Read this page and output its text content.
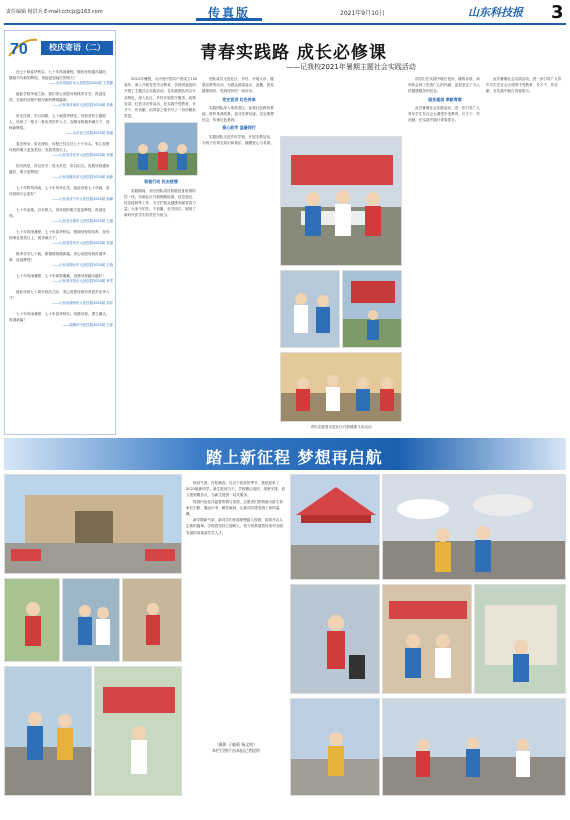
责任编辑 杨洪兵 E-mail:cctcjz@163.com	传真版	2021年9月10日	山东科技报 3
70	校庆寄语（二）
在七十载春华秋实，七十年风雨兼程。敬祝母校越办越好，继续书写新的辉煌，再创更加灿烂的明天！
——山东省临沂市人民医院2020届 王思静
值此学校华诞之际，我们衷心祝愿母校桃李芬芳，再创佳绩，在新的征程中续写新的辉煌篇章。
——山东省济南市人民医院2020届 朱敏
时光荏苒，岁月如歌，七十载春华秋实，母校坚持立德树人，培养了一批又一批优秀医护人才。祝愿母校桃李满天下，再铸新辉煌。
——山东省立医院2020届 邢丽
春去秋来，时光流转，母校已经走过七十个年头。衷心祝愿母校的明天更加美好，发展蒸蒸日上。
——山东省枣庄市人民医院2020届 李丽
因为热爱，所以坚守；因为责任，所以担当。祝愿母校越来越好，明天更辉煌！
——山东省潍坊市人民医院2020届 孙静
七十年栉风沐雨，七十年风华正茂。值此母校七十华诞，祝母校明天会更好！
——山东省济宁市人民医院2020届 张峰
七十年沧桑，百年树人。祝母校的明天更加辉煌，再创佳绩。
——山东省日照市人民医院2020届 王丽
七十年风雨兼程，七十年春华秋实，感谢母校的培养，祝母校事业蒸蒸日上，桃李满天下。
——山东省泰安市人民医院2020届 吴丽
桃李芬芳七十载，厚德载物谱新篇。衷心祝愿母校再谱华章、再创辉煌！
——山东省烟台市人民医院2020届 王晓
七十年风雨兼程，七十年硕果累累。祝愿母校越办越好！
——山东省东营市人民医院2020届 李雪
值此母校七十周年校庆之际，衷心祝愿母校培育更多优秀人才！
——山东省德州市人民医院2020届 刘洋
七十年风雨兼程，七十年春华秋实。祝愿母校，勇立潮头，再谱新篇！
——淄博市中医医院2020届 王萍
青春实践路 成长必修课
——记我校2021年暑期主题社会实践活动

2021年暑假，为庆祝中国共产党成立100周年，深入开展党史学习教育，学校团委组织开展了主题社会实践活动。各实践团队结合专业特色，深入社区、乡村开展医疗服务、政策宣讲、红色寻访等活动，在实践中受教育、长才干、作贡献，用青春之笔书写了一份份精彩答卷。

积极行动 抗击疫情

实践期间，部分团队成员积极投身疫情防控一线，协助社区开展核酸检测、信息登记、疫苗接种等工作，为守护群众健康贡献青春力量。大家不怕苦、不怕累，坚守岗位，展现了新时代医学生的责任与担当。

团队成员走进社区、乡村，开展义诊、健康宣教等活动，为群众测量血压、血糖，普及健康知识，受到居民的一致好评。

党史宣讲 红色传承

实践团队深入革命老区，参观红色教育基地，聆听革命故事，追寻先辈足迹，坚定理想信念，传承红色基因。

爱心助学 温暖同行

实践团队走进乡村学校，开展支教活动，为孩子们带去知识和欢乐，播撒爱心与希望。

青年志愿者走进社区开展健康义诊活动

同学们在实践中增长见识、锤炼本领，深刻体会到了医者仁心的内涵，更加坚定了为人民健康服务的信念。

服务基层 奉献青春

此次暑期社会实践活动，进一步引导广大青年学生在社会大课堂中受教育、长才干、作贡献，在实践中践行青春誓言。

此次暑期社会实践活动，进一步引导广大青年学生在社会大课堂中受教育、长才干、作贡献，在实践中践行青春誓言。

踏上新征程 梦想再启航

秋高气爽，丹桂飘香。在这个收获的季节，我校迎来了2021级新同学。新生报到当天，学校精心组织，周密安排，设立报到服务点，为新生提供一站式服务。

校园内处处洋溢着热情与喜悦，志愿者们热情地为新生和家长引路、搬运行李、解答疑问，让新同学感受到了家的温暖。

新学期新气象，新同学们怀揣梦想踏入校园，即将开启人生新的篇章。学校将坚持立德树人，努力培养德智体美劳全面发展的高素质医学人才。

（摄影 于晓莉 杨文明）
本栏目照片由本报记者提供
